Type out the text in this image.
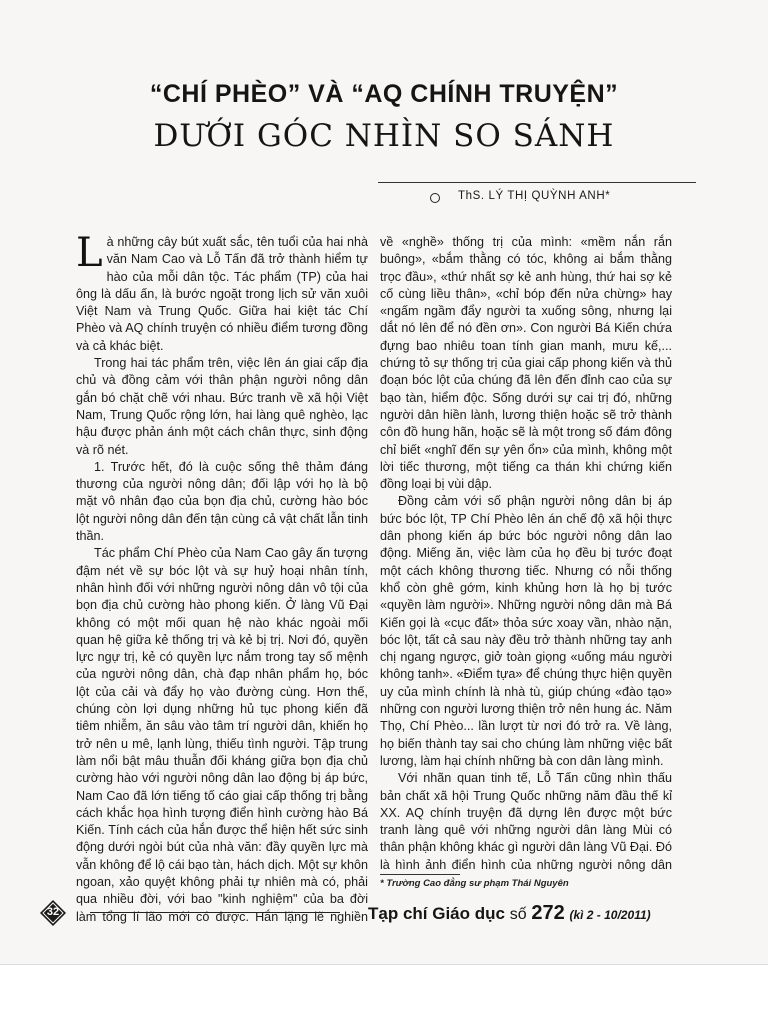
“CHÍ PHÈO” VÀ “AQ CHÍNH TRUYỆN”
DƯỚI GÓC NHÌN SO SÁNH
ThS. LÝ THỊ QUỲNH ANH*

Là những cây bút xuất sắc, tên tuổi của hai nhà văn Nam Cao và Lỗ Tấn đã trở thành hiểm tự hào của mỗi dân tộc. Tác phẩm (TP) của hai ông là dấu ấn, là bước ngoặt trong lịch sử văn xuôi Việt Nam và Trung Quốc. Giữa hai kiệt tác Chí Phèo và AQ chính truyện có nhiều điểm tương đồng và cả khác biệt.

Trong hai tác phẩm trên, việc lên án giai cấp địa chủ và đồng cảm với thân phận người nông dân gắn bó chặt chẽ với nhau. Bức tranh về xã hội Việt Nam, Trung Quốc rộng lớn, hai làng quê nghèo, lạc hậu được phản ánh một cách chân thực, sinh động và rõ nét.

1. Trước hết, đó là cuộc sống thê thảm đáng thương của người nông dân; đối lập với họ là bộ mặt vô nhân đạo của bọn địa chủ, cường hào bóc lột người nông dân đến tận cùng cả vật chất lẫn tinh thần.

Tác phẩm Chí Phèo của Nam Cao gây ấn tượng đậm nét về sự bóc lột và sự huỷ hoại nhân tính, nhân hình đối với những người nông dân vô tội của bọn địa chủ cường hào phong kiến. Ở làng Vũ Đại không có một mối quan hệ nào khác ngoài mối quan hệ giữa kẻ thống trị và kẻ bị trị. Nơi đó, quyền lực ngự trị, kẻ có quyền lực nắm trong tay số mệnh của người nông dân, chà đạp nhân phẩm họ, bóc lột của cải và đẩy họ vào đường cùng. Hơn thế, chúng còn lợi dụng những hủ tục phong kiến đã tiêm nhiễm, ăn sâu vào tâm trí người dân, khiến họ trở nên u mê, lạnh lùng, thiếu tình người. Tập trung làm nổi bật mâu thuẫn đối kháng giữa bọn địa chủ cường hào với người nông dân lao động bị áp bức, Nam Cao đã lớn tiếng tố cáo giai cấp thống trị bằng cách khắc họa hình tượng điển hình cường hào Bá Kiến. Tính cách của hắn được thể hiện hết sức sinh động dưới ngòi bút của nhà văn: đầy quyền lực mà vẫn không để lộ cái bạo tàn, hách dịch. Một sự khôn ngoan, xảo quyệt không phải tự nhiên mà có, phải qua nhiều đời, với bao "kinh nghiệm" của ba đời làm tổng lí lão mới có được. Hắn lặng lẽ nghiền

về «nghề» thống trị của mình: «mềm nắn rắn buông», «bắm thằng có tóc, không ai bắm thằng trọc đầu», «thứ nhất sợ kẻ anh hùng, thứ hai sợ kẻ cố cùng liều thân», «chỉ bóp đến nửa chừng» hay «ngấm ngầm đẩy người ta xuống sông, nhưng lại dắt nó lên để nó đền ơn». Con người Bá Kiến chứa đựng bao nhiêu toan tính gian manh, mưu kế,... chứng tỏ sự thống trị của giai cấp phong kiến và thủ đoạn bóc lột của chúng đã lên đến đỉnh cao của sự bạo tàn, hiểm độc. Sống dưới sự cai trị đó, những người dân hiền lành, lương thiện hoặc sẽ trở thành côn đồ hung hãn, hoặc sẽ là một trong số đám đông chỉ biết «nghĩ đến sự yên ổn» của mình, không một lời tiếc thương, một tiếng ca thán khi chứng kiến đồng loại bị vùi dập.

Đồng cảm với số phận người nông dân bị áp bức bóc lột, TP Chí Phèo lên án chế độ xã hội thực dân phong kiến áp bức bóc người nông dân lao động. Miếng ăn, việc làm của họ đều bị tước đoạt một cách không thương tiếc. Nhưng có nỗi thống khổ còn ghê gớm, kinh khủng hơn là họ bị tước «quyền làm người». Những người nông dân mà Bá Kiến gọi là «cục đất» thỏa sức xoay vần, nhào nặn, bóc lột, tất cả sau này đều trở thành những tay anh chị ngang ngược, giở toàn giọng «uống máu người không tanh». «Điểm tựa» để chúng thực hiện quyền uy của mình chính là nhà tù, giúp chúng «đào tạo» những con người lương thiện trở nên hung ác. Năm Thọ, Chí Phèo... lần lượt từ nơi đó trở ra. Về làng, họ biến thành tay sai cho chúng làm những việc bất lương, làm hại chính những bà con dân làng mình.

Với nhãn quan tinh tế, Lỗ Tấn cũng nhìn thấu bản chất xã hội Trung Quốc những năm đầu thế kỉ XX. AQ chính truyện đã dựng lên được một bức tranh làng quê với những người dân làng Mùi có thân phận không khác gì người dân làng Vũ Đại. Đó là hình ảnh điển hình của những người nông dân

* Trường Cao đẳng sư phạm Thái Nguyên
32	Tạp chí Giáo dục số 272 (kì 2 - 10/2011)
